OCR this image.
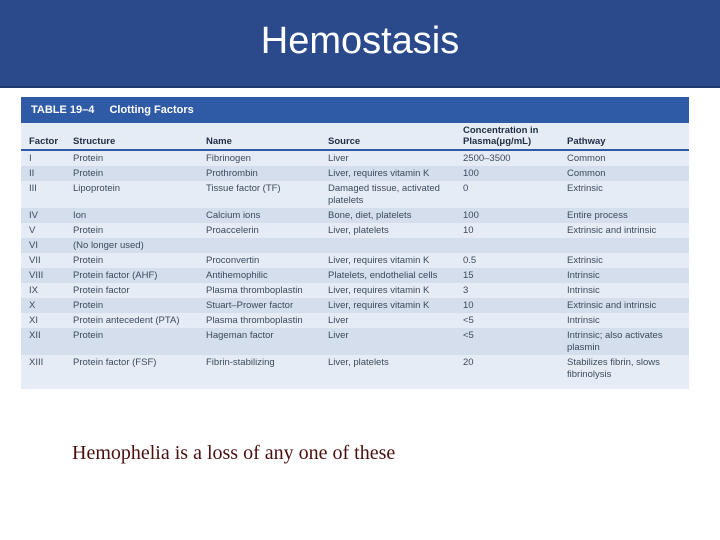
Hemostasis
TABLE 19–4 Clotting Factors
Factor	Structure	Name	Source	Concentration in Plasma(μg/mL)	Pathway
I	Protein	Fibrinogen	Liver	2500–3500	Common
II	Protein	Prothrombin	Liver, requires vitamin K	100	Common
III	Lipoprotein	Tissue factor (TF)	Damaged tissue, activated platelets	0	Extrinsic
IV	Ion	Calcium ions	Bone, diet, platelets	100	Entire process
V	Protein	Proaccelerin	Liver, platelets	10	Extrinsic and intrinsic
VI	(No longer used)				
VII	Protein	Proconvertin	Liver, requires vitamin K	0.5	Extrinsic
VIII	Protein factor (AHF)	Antihemophilic	Platelets, endothelial cells	15	Intrinsic
IX	Protein factor	Plasma thromboplastin	Liver, requires vitamin K	3	Intrinsic
X	Protein	Stuart–Prower factor	Liver, requires vitamin K	10	Extrinsic and intrinsic
XI	Protein antecedent (PTA)	Plasma thromboplastin	Liver	<5	Intrinsic
XII	Protein	Hageman factor	Liver	<5	Intrinsic; also activates plasmin
XIII	Protein factor (FSF)	Fibrin-stabilizing	Liver, platelets	20	Stabilizes fibrin, slows fibrinolysis
Hemophelia is a loss of any one of these
